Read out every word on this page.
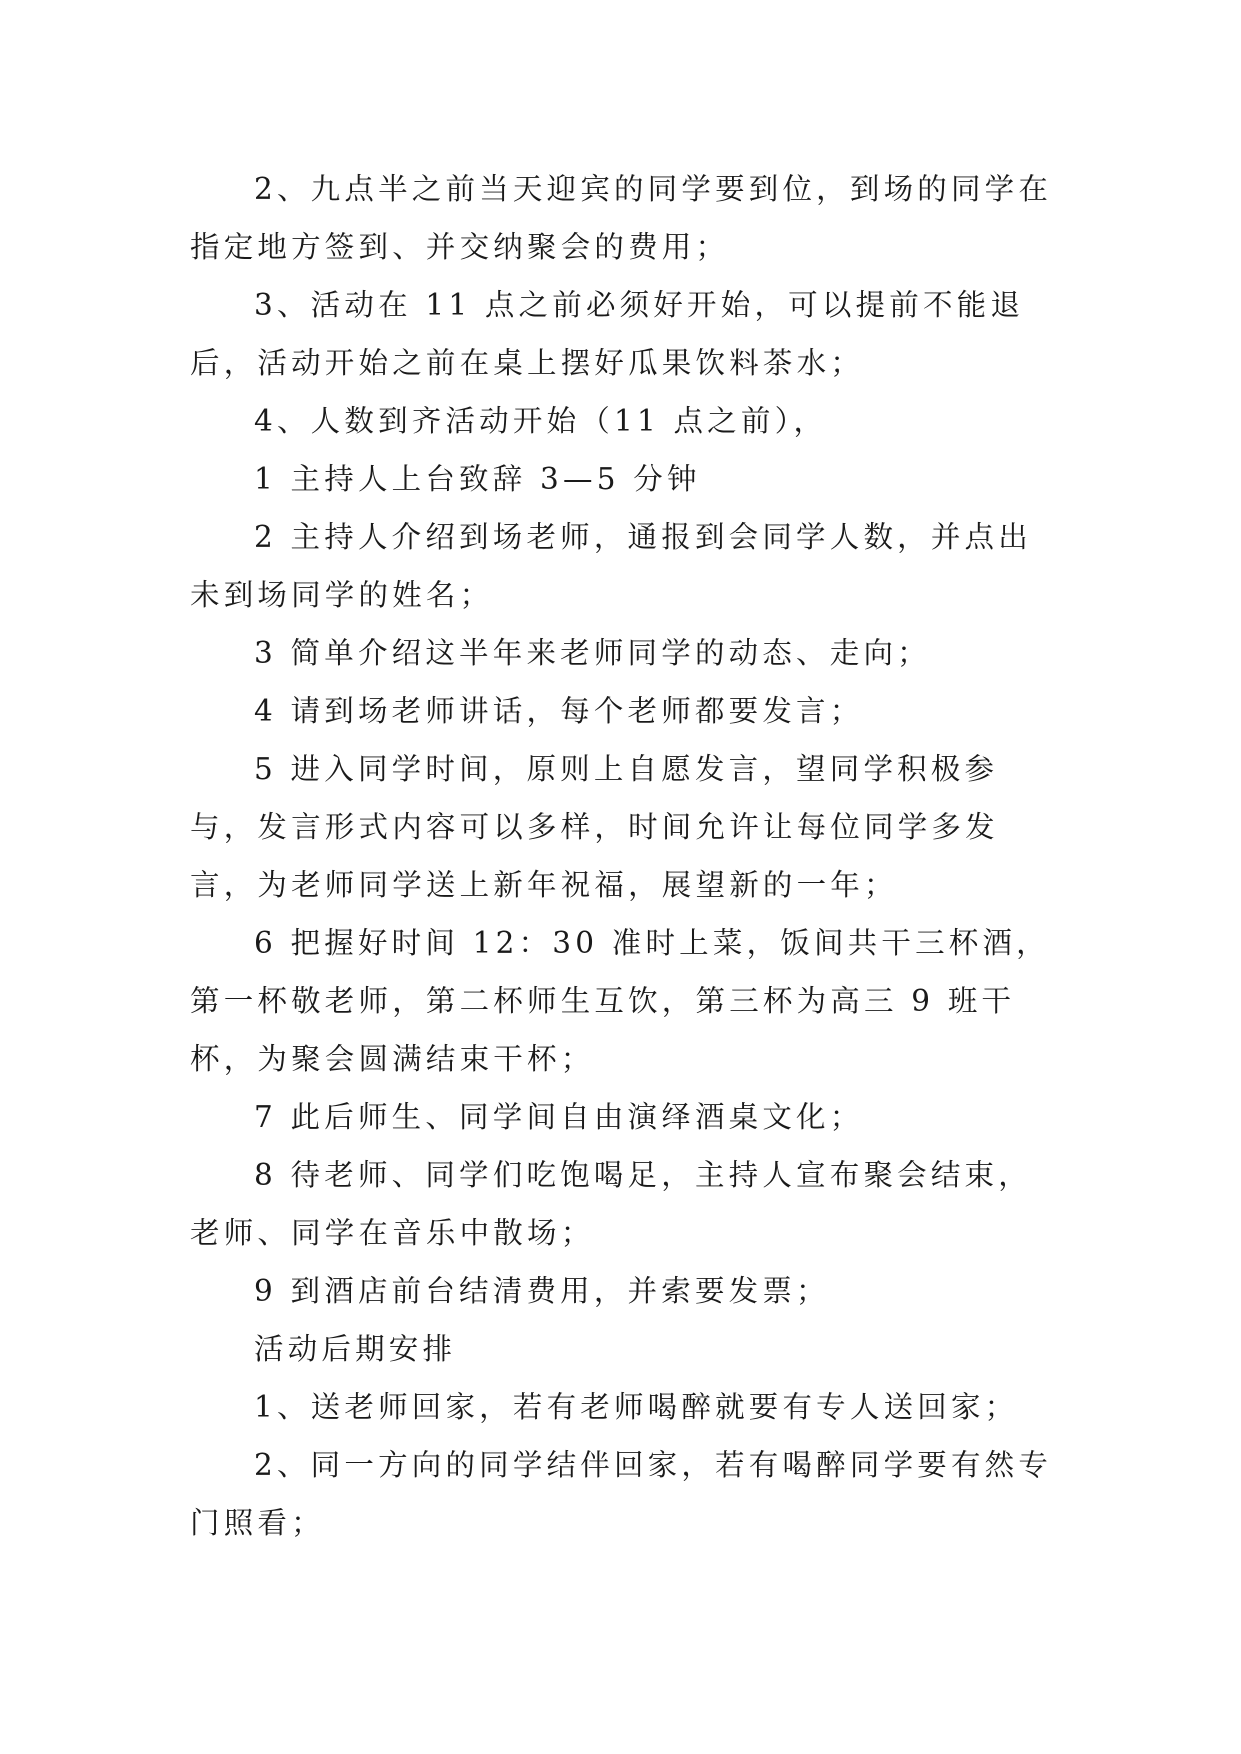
2、九点半之前当天迎宾的同学要到位，到场的同学在指定地方签到、并交纳聚会的费用；

3、活动在 11 点之前必须好开始，可以提前不能退后，活动开始之前在桌上摆好瓜果饮料茶水；

4、人数到齐活动开始（11 点之前），

1 主持人上台致辞 3—5 分钟

2 主持人介绍到场老师，通报到会同学人数，并点出未到场同学的姓名；

3 简单介绍这半年来老师同学的动态、走向；

4 请到场老师讲话，每个老师都要发言；

5 进入同学时间，原则上自愿发言，望同学积极参与，发言形式内容可以多样，时间允许让每位同学多发言，为老师同学送上新年祝福，展望新的一年；

6 把握好时间 12：30 准时上菜，饭间共干三杯酒，第一杯敬老师，第二杯师生互饮，第三杯为高三 9 班干杯，为聚会圆满结束干杯；

7 此后师生、同学间自由演绎酒桌文化；

8 待老师、同学们吃饱喝足，主持人宣布聚会结束，老师、同学在音乐中散场；

9 到酒店前台结清费用，并索要发票；

活动后期安排

1、送老师回家，若有老师喝醉就要有专人送回家；

2、同一方向的同学结伴回家，若有喝醉同学要有然专门照看；
